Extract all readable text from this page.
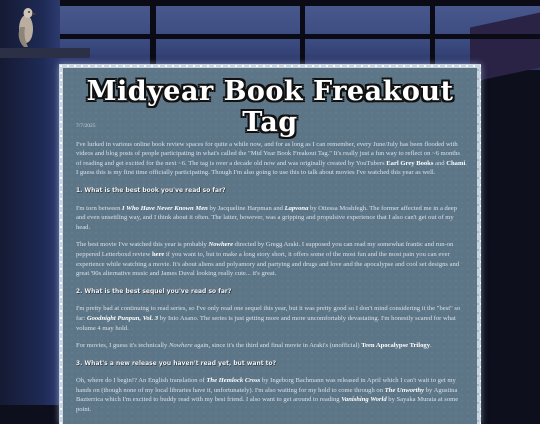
Midyear Book Freakout Tag

7/7/2025

I've lurked in various online book review spaces for quite a while now, and for as long as I can remember, every June/July has been flooded with videos and blog posts of people participating in what's called the "Mid Year Book Freakout Tag." It's really just a fun way to reflect on ~6 months of reading and get excited for the next ~6. The tag is over a decade old now and was originally created by YouTubers Earl Grey Books and Chami. I guess this is my first time officially participating. Though I'm also going to use this to talk about movies I've watched this year as well.

1. What is the best book you've read so far?

I'm torn between I Who Have Never Known Men by Jacqueline Harpman and Lapvona by Ottessa Moshfegh. The former affected me in a deep and even unsettling way, and I think about it often. The latter, however, was a gripping and propulsive experience that I also can't get out of my head.

The best movie I've watched this year is probably Nowhere directed by Gregg Araki. I supposed you can read my somewhat frantic and run-on peppered Letterboxd review here if you want to, but to make a long story short, it offers some of the most fun and the most pain you can ever experience while watching a movie. It's about aliens and polyamory and partying and drugs and love and the apocalypse and cool set designs and great '90s alternative music and James Duval looking really cute... it's great.

2. What is the best sequel you've read so far?

I'm pretty bad at continuing to read series, so I've only read one sequel this year, but it was pretty good so I don't mind considering it the "best" so far: Goodnight Punpun, Vol. 3 by Inio Asano. The series is just getting more and more uncomfortably devastating. I'm honestly scared for what volume 4 may hold.

For movies, I guess it's technically Nowhere again, since it's the third and final movie in Araki's (unofficial) Teen Apocalypse Trilogy.

3. What's a new release you haven't read yet, but want to?

Oh, where do I begin!? An English translation of The Hemlock Cross by Ingeborg Bachmann was released in April which I can't wait to get my hands on (though none of my local libraries have it, unfortunately). I'm also waiting for my hold to come through on The Unworthy by Agustina Bazterrica which I'm excited to buddy read with my best friend. I also want to get around to reading Vanishing World by Sayaka Murata at some point.
